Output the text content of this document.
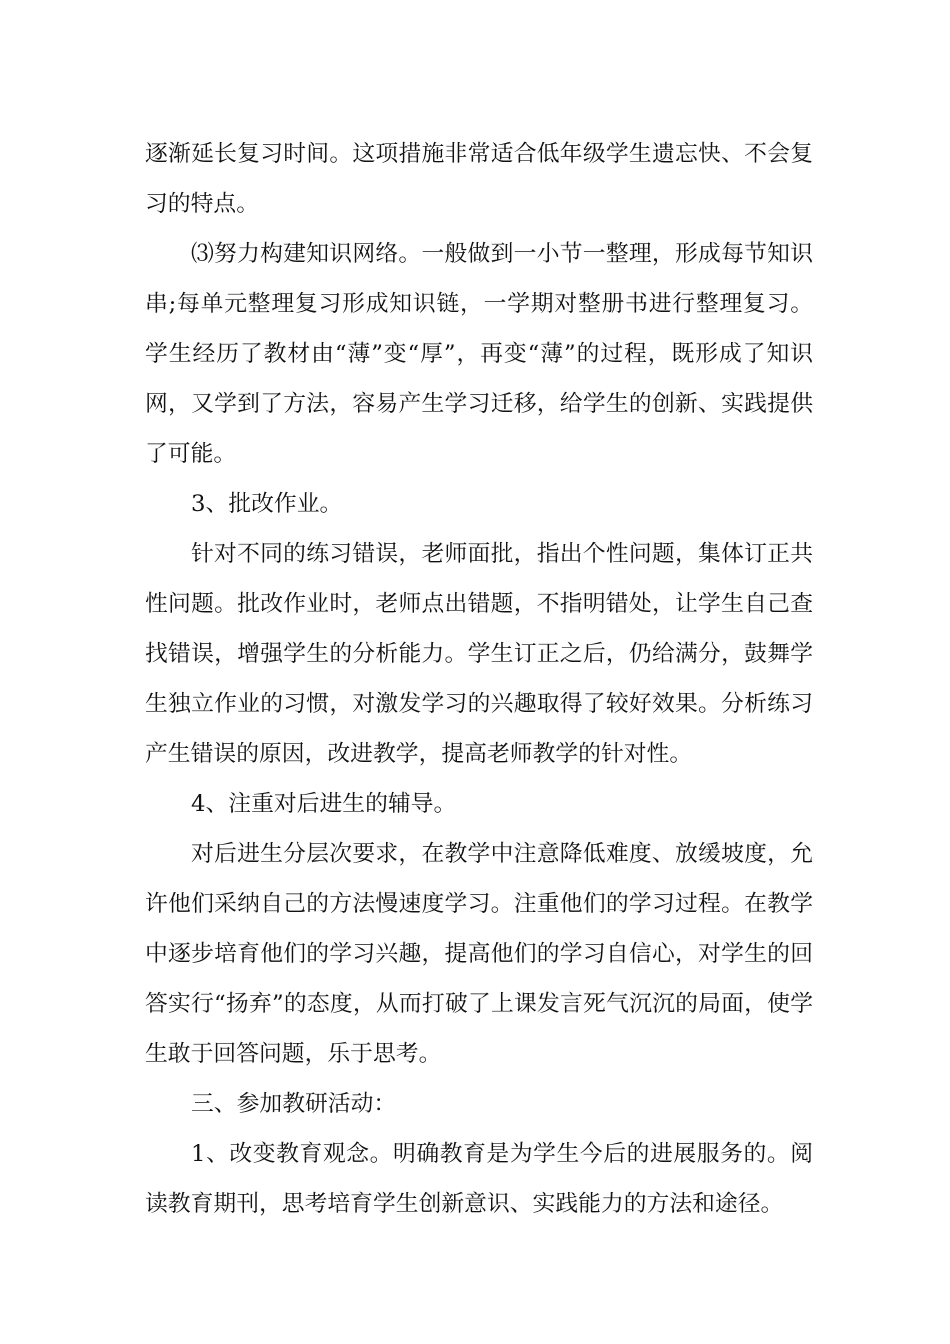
逐渐延长复习时间。这项措施非常适合低年级学生遗忘快、不会复习的特点。

⑶努力构建知识网络。一般做到一小节一整理，形成每节知识串;每单元整理复习形成知识链，一学期对整册书进行整理复习。学生经历了教材由“薄”变“厚”，再变“薄”的过程，既形成了知识网，又学到了方法，容易产生学习迁移，给学生的创新、实践提供了可能。

3、批改作业。

针对不同的练习错误，老师面批，指出个性问题，集体订正共性问题。批改作业时，老师点出错题，不指明错处，让学生自己查找错误，增强学生的分析能力。学生订正之后，仍给满分，鼓舞学生独立作业的习惯，对激发学习的兴趣取得了较好效果。分析练习产生错误的原因，改进教学，提高老师教学的针对性。

4、注重对后进生的辅导。

对后进生分层次要求，在教学中注意降低难度、放缓坡度，允许他们采纳自己的方法慢速度学习。注重他们的学习过程。在教学中逐步培育他们的学习兴趣，提高他们的学习自信心，对学生的回答实行“扬弃”的态度，从而打破了上课发言死气沉沉的局面，使学生敢于回答问题，乐于思考。

三、参加教研活动：

1、改变教育观念。明确教育是为学生今后的进展服务的。阅读教育期刊，思考培育学生创新意识、实践能力的方法和途径。
